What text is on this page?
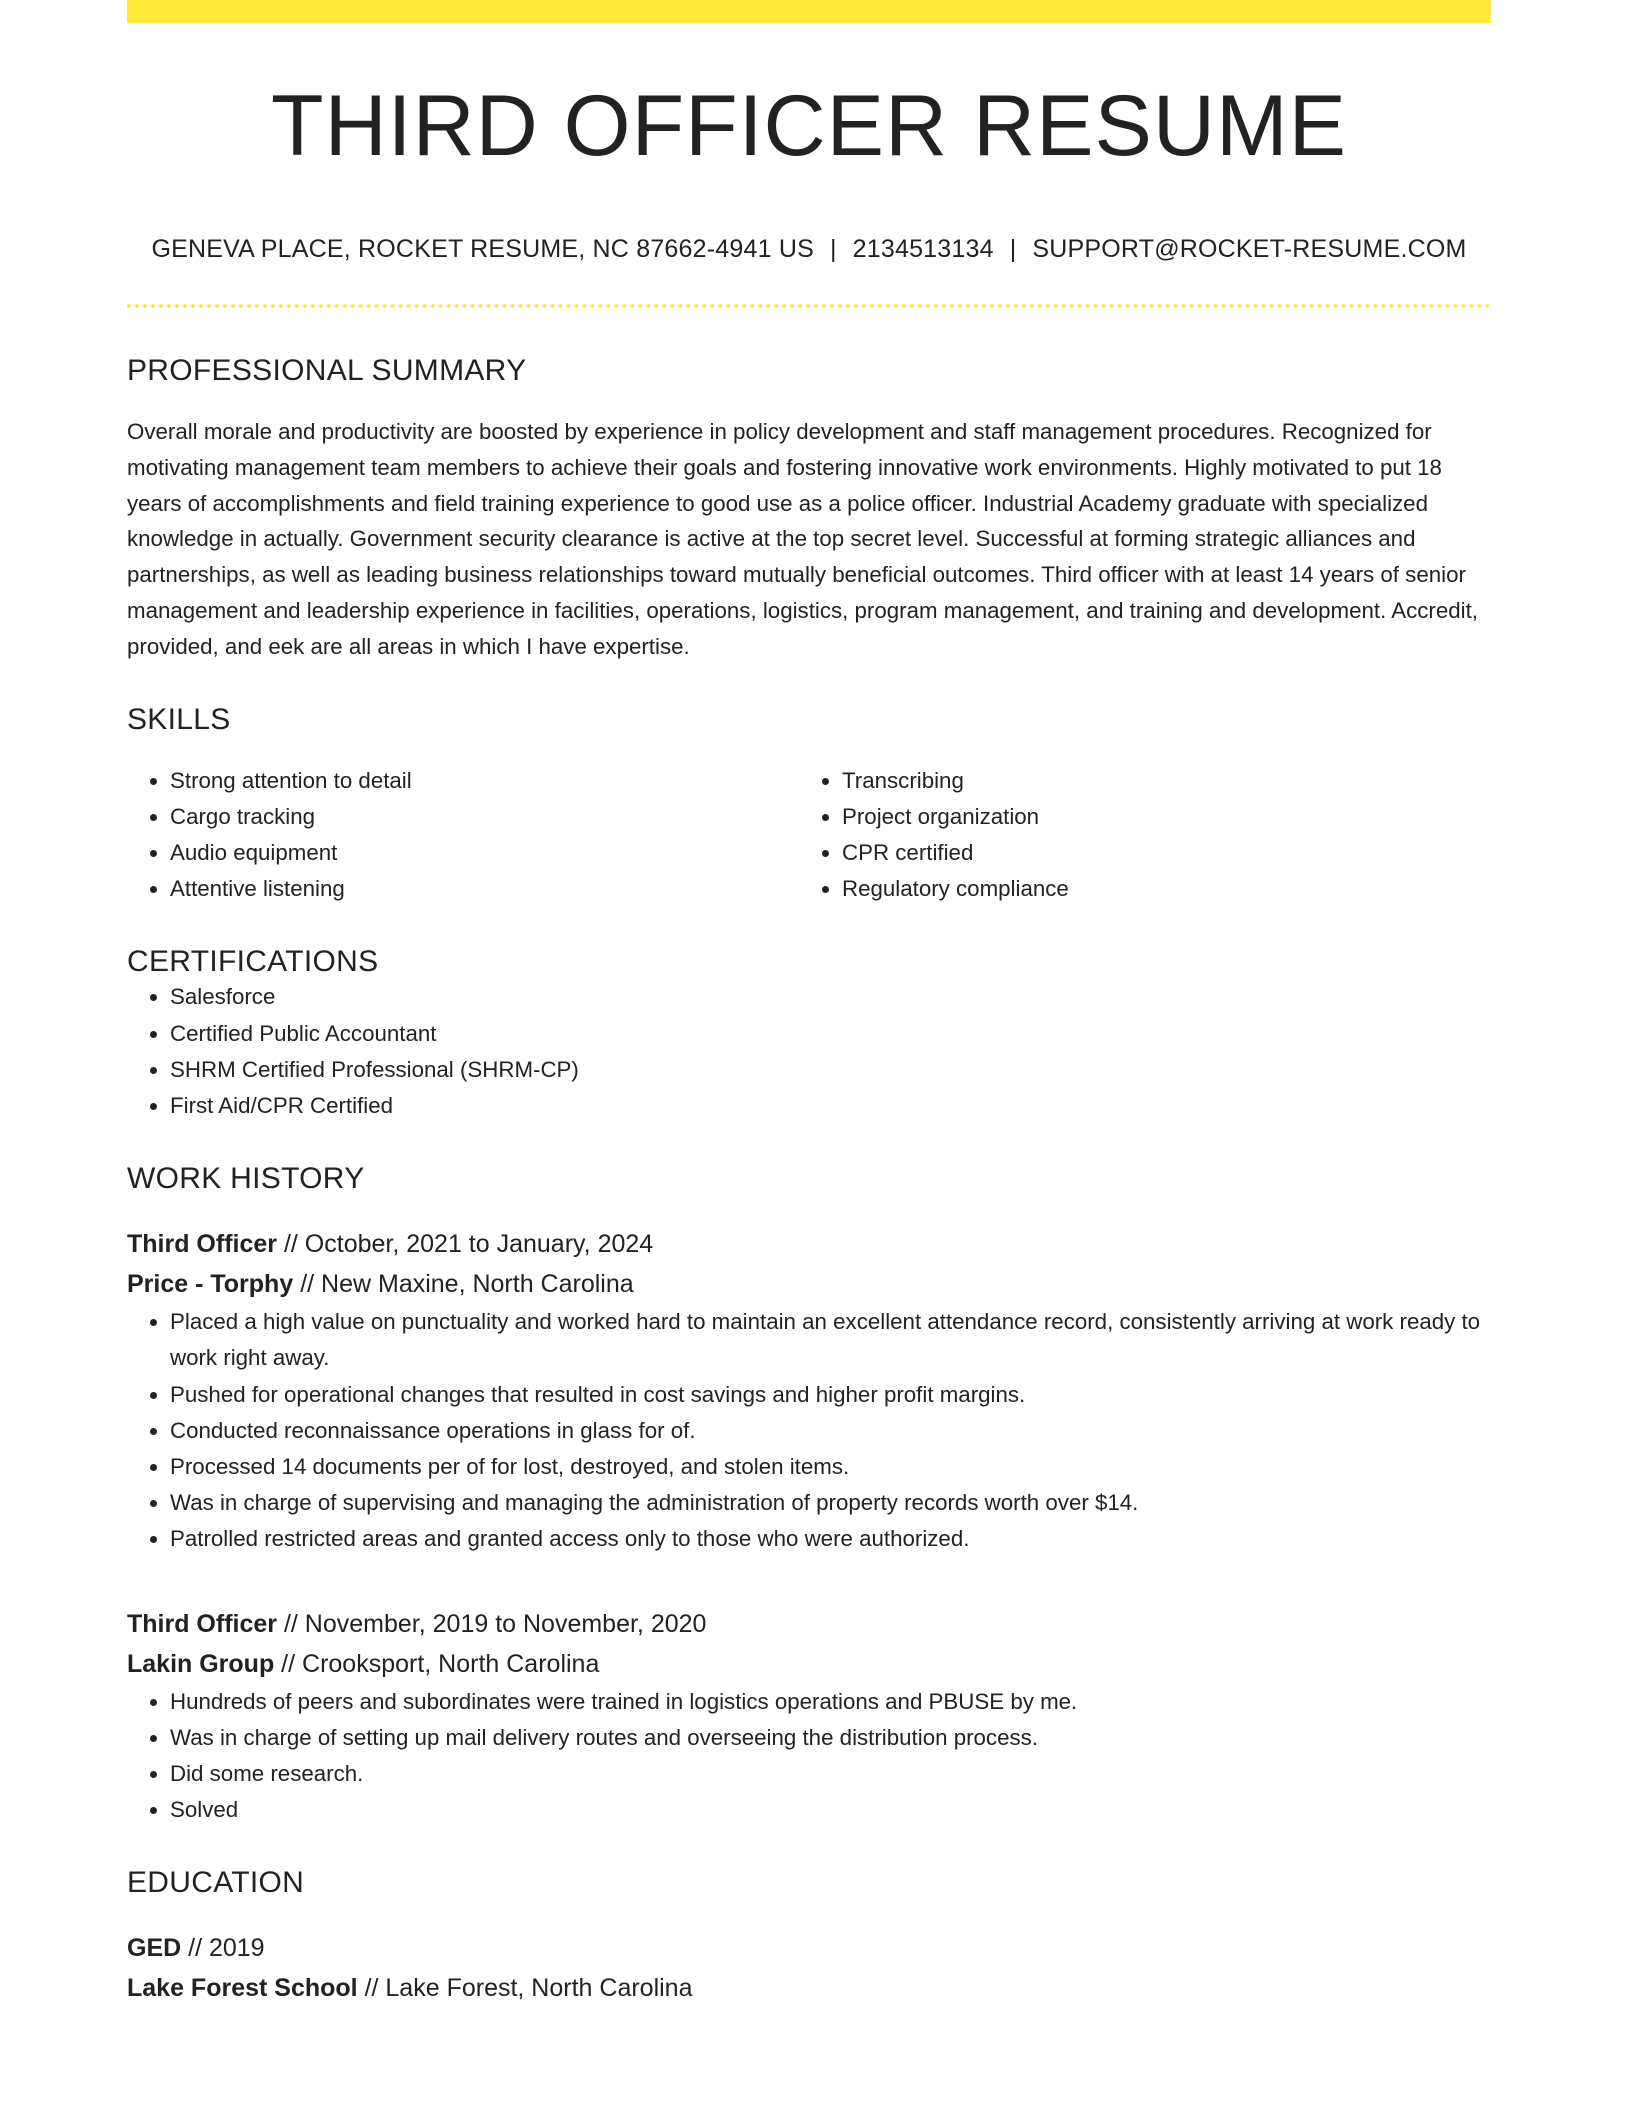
THIRD OFFICER RESUME
GENEVA PLACE, ROCKET RESUME, NC 87662-4941 US | 2134513134 | SUPPORT@ROCKET-RESUME.COM
PROFESSIONAL SUMMARY

Overall morale and productivity are boosted by experience in policy development and staff management procedures. Recognized for motivating management team members to achieve their goals and fostering innovative work environments. Highly motivated to put 18 years of accomplishments and field training experience to good use as a police officer. Industrial Academy graduate with specialized knowledge in actually. Government security clearance is active at the top secret level. Successful at forming strategic alliances and partnerships, as well as leading business relationships toward mutually beneficial outcomes. Third officer with at least 14 years of senior management and leadership experience in facilities, operations, logistics, program management, and training and development. Accredit, provided, and eek are all areas in which I have expertise.

SKILLS
• Strong attention to detail
• Cargo tracking
• Audio equipment
• Attentive listening
• Transcribing
• Project organization
• CPR certified
• Regulatory compliance
CERTIFICATIONS
• Salesforce
• Certified Public Accountant
• SHRM Certified Professional (SHRM-CP)
• First Aid/CPR Certified
WORK HISTORY
Third Officer // October, 2021 to January, 2024
Price - Torphy // New Maxine, North Carolina
• Placed a high value on punctuality and worked hard to maintain an excellent attendance record, consistently arriving at work ready to work right away.
• Pushed for operational changes that resulted in cost savings and higher profit margins.
• Conducted reconnaissance operations in glass for of.
• Processed 14 documents per of for lost, destroyed, and stolen items.
• Was in charge of supervising and managing the administration of property records worth over $14.
• Patrolled restricted areas and granted access only to those who were authorized.
Third Officer // November, 2019 to November, 2020
Lakin Group // Crooksport, North Carolina
• Hundreds of peers and subordinates were trained in logistics operations and PBUSE by me.
• Was in charge of setting up mail delivery routes and overseeing the distribution process.
• Did some research.
• Solved
EDUCATION
GED // 2019
Lake Forest School // Lake Forest, North Carolina
